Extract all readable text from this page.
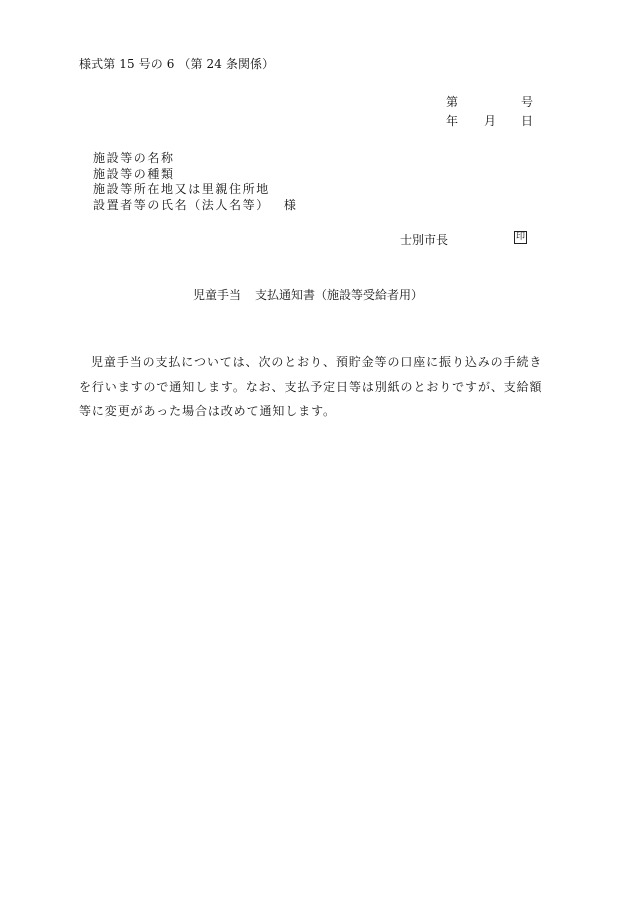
様式第 15 号の 6 （第 24 条関係）
第	号
年 月 日
施設等の名称
施設等の種類
施設等所在地又は里親住所地
設置者等の氏名（法人名等） 様
士別市長	印
児童手当 支払通知書（施設等受給者用）
児童手当の支払については、次のとおり、預貯金等の口座に振り込みの手続きを行いますので通知します。なお、支払予定日等は別紙のとおりですが、支給額等に変更があった場合は改めて通知します。
